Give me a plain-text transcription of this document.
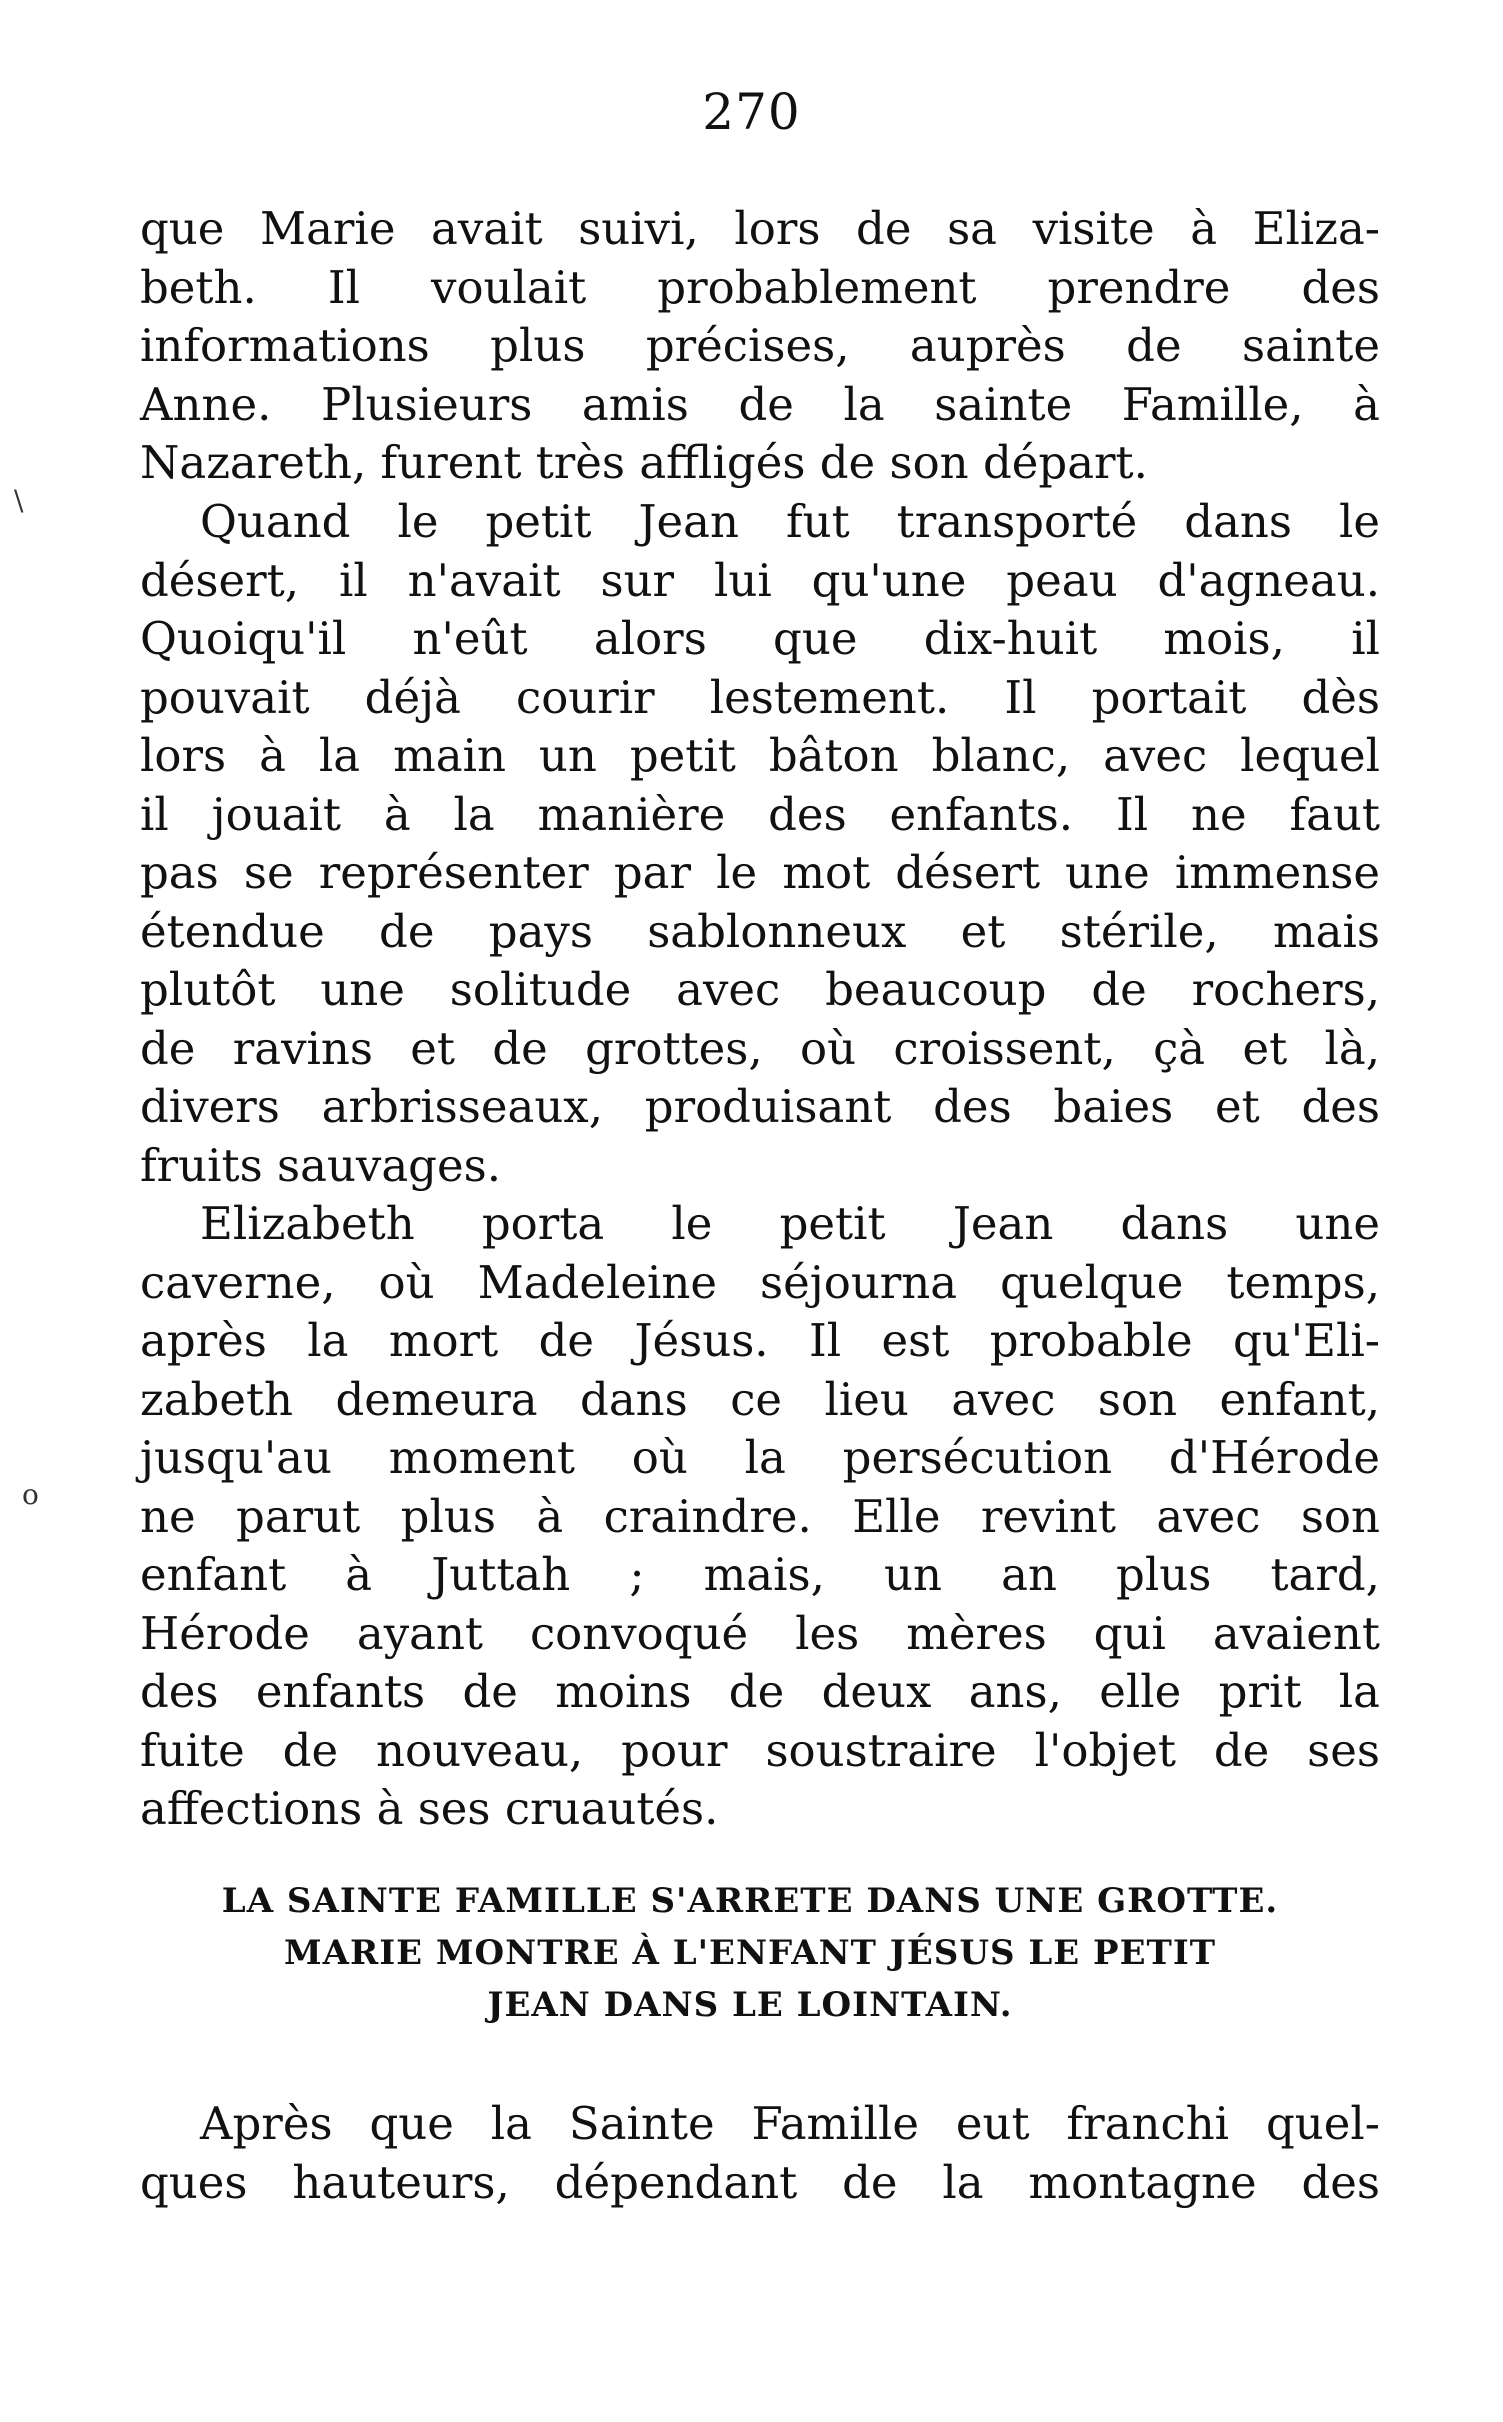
270
\
o
que Marie avait suivi, lors de sa visite à Eliza-
beth. Il voulait probablement prendre des
informations plus précises, auprès de sainte
Anne. Plusieurs amis de la sainte Famille, à
Nazareth, furent très affligés de son départ.
Quand le petit Jean fut transporté dans le
désert, il n'avait sur lui qu'une peau d'agneau.
Quoiqu'il n'eût alors que dix-huit mois, il
pouvait déjà courir lestement. Il portait dès
lors à la main un petit bâton blanc, avec lequel
il jouait à la manière des enfants. Il ne faut
pas se représenter par le mot désert une immense
étendue de pays sablonneux et stérile, mais
plutôt une solitude avec beaucoup de rochers,
de ravins et de grottes, où croissent, çà et là,
divers arbrisseaux, produisant des baies et des
fruits sauvages.
Elizabeth porta le petit Jean dans une
caverne, où Madeleine séjourna quelque temps,
après la mort de Jésus. Il est probable qu'Eli-
zabeth demeura dans ce lieu avec son enfant,
jusqu'au moment où la persécution d'Hérode
ne parut plus à craindre. Elle revint avec son
enfant à Juttah ; mais, un an plus tard,
Hérode ayant convoqué les mères qui avaient
des enfants de moins de deux ans, elle prit la
fuite de nouveau, pour soustraire l'objet de ses
affections à ses cruautés.
LA SAINTE FAMILLE S'ARRETE DANS UNE GROTTE.
MARIE MONTRE À L'ENFANT JÉSUS LE PETIT
JEAN DANS LE LOINTAIN.
Après que la Sainte Famille eut franchi quel-
ques hauteurs, dépendant de la montagne des
